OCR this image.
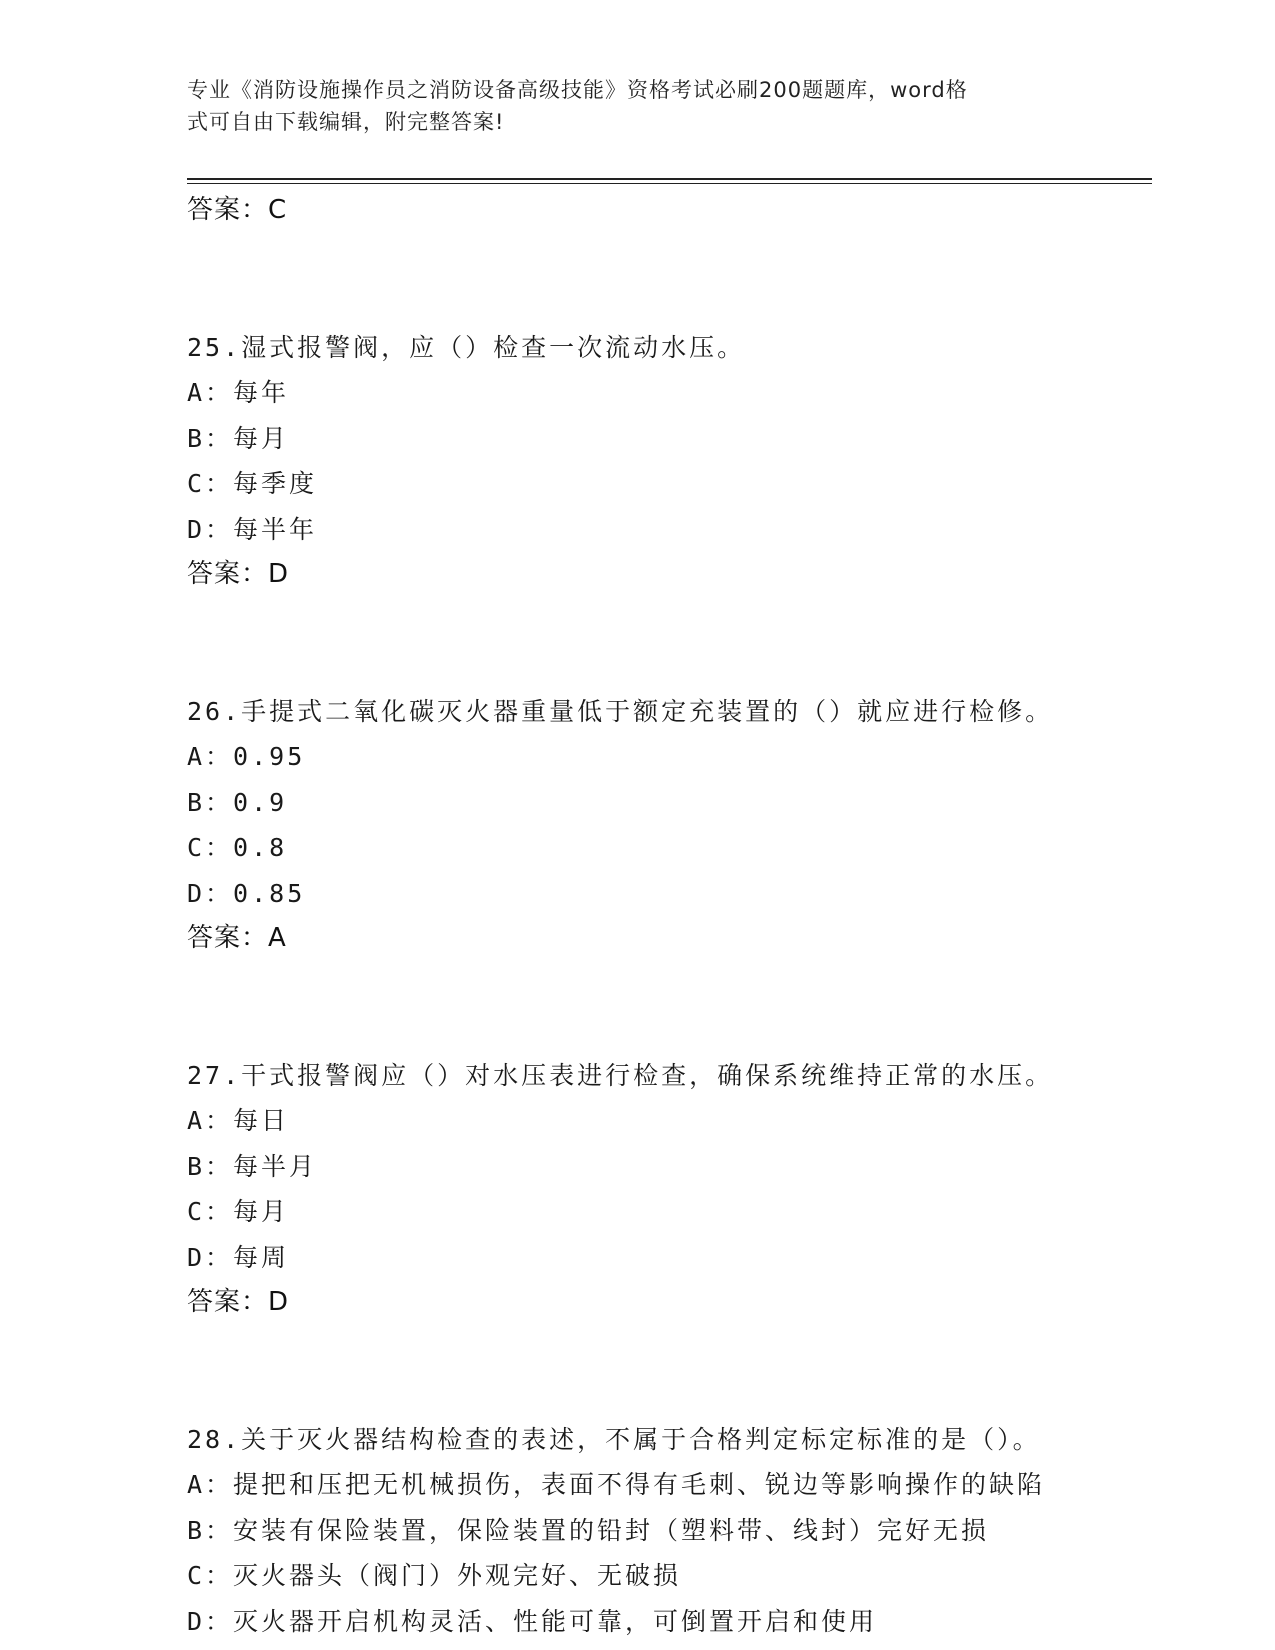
专业《消防设施操作员之消防设备高级技能》资格考试必刷200题题库，word格
式可自由下载编辑，附完整答案!
答案：C
25.湿式报警阀，应（）检查一次流动水压。
A：每年
B：每月
C：每季度
D：每半年
答案：D
26.手提式二氧化碳灭火器重量低于额定充装置的（）就应进行检修。
A：0.95
B：0.9
C：0.8
D：0.85
答案：A
27.干式报警阀应（）对水压表进行检查，确保系统维持正常的水压。
A：每日
B：每半月
C：每月
D：每周
答案：D
28.关于灭火器结构检查的表述，不属于合格判定标定标准的是（）。
A：提把和压把无机械损伤，表面不得有毛刺、锐边等影响操作的缺陷
B：安装有保险装置，保险装置的铅封（塑料带、线封）完好无损
C：灭火器头（阀门）外观完好、无破损
D：灭火器开启机构灵活、性能可靠，可倒置开启和使用
